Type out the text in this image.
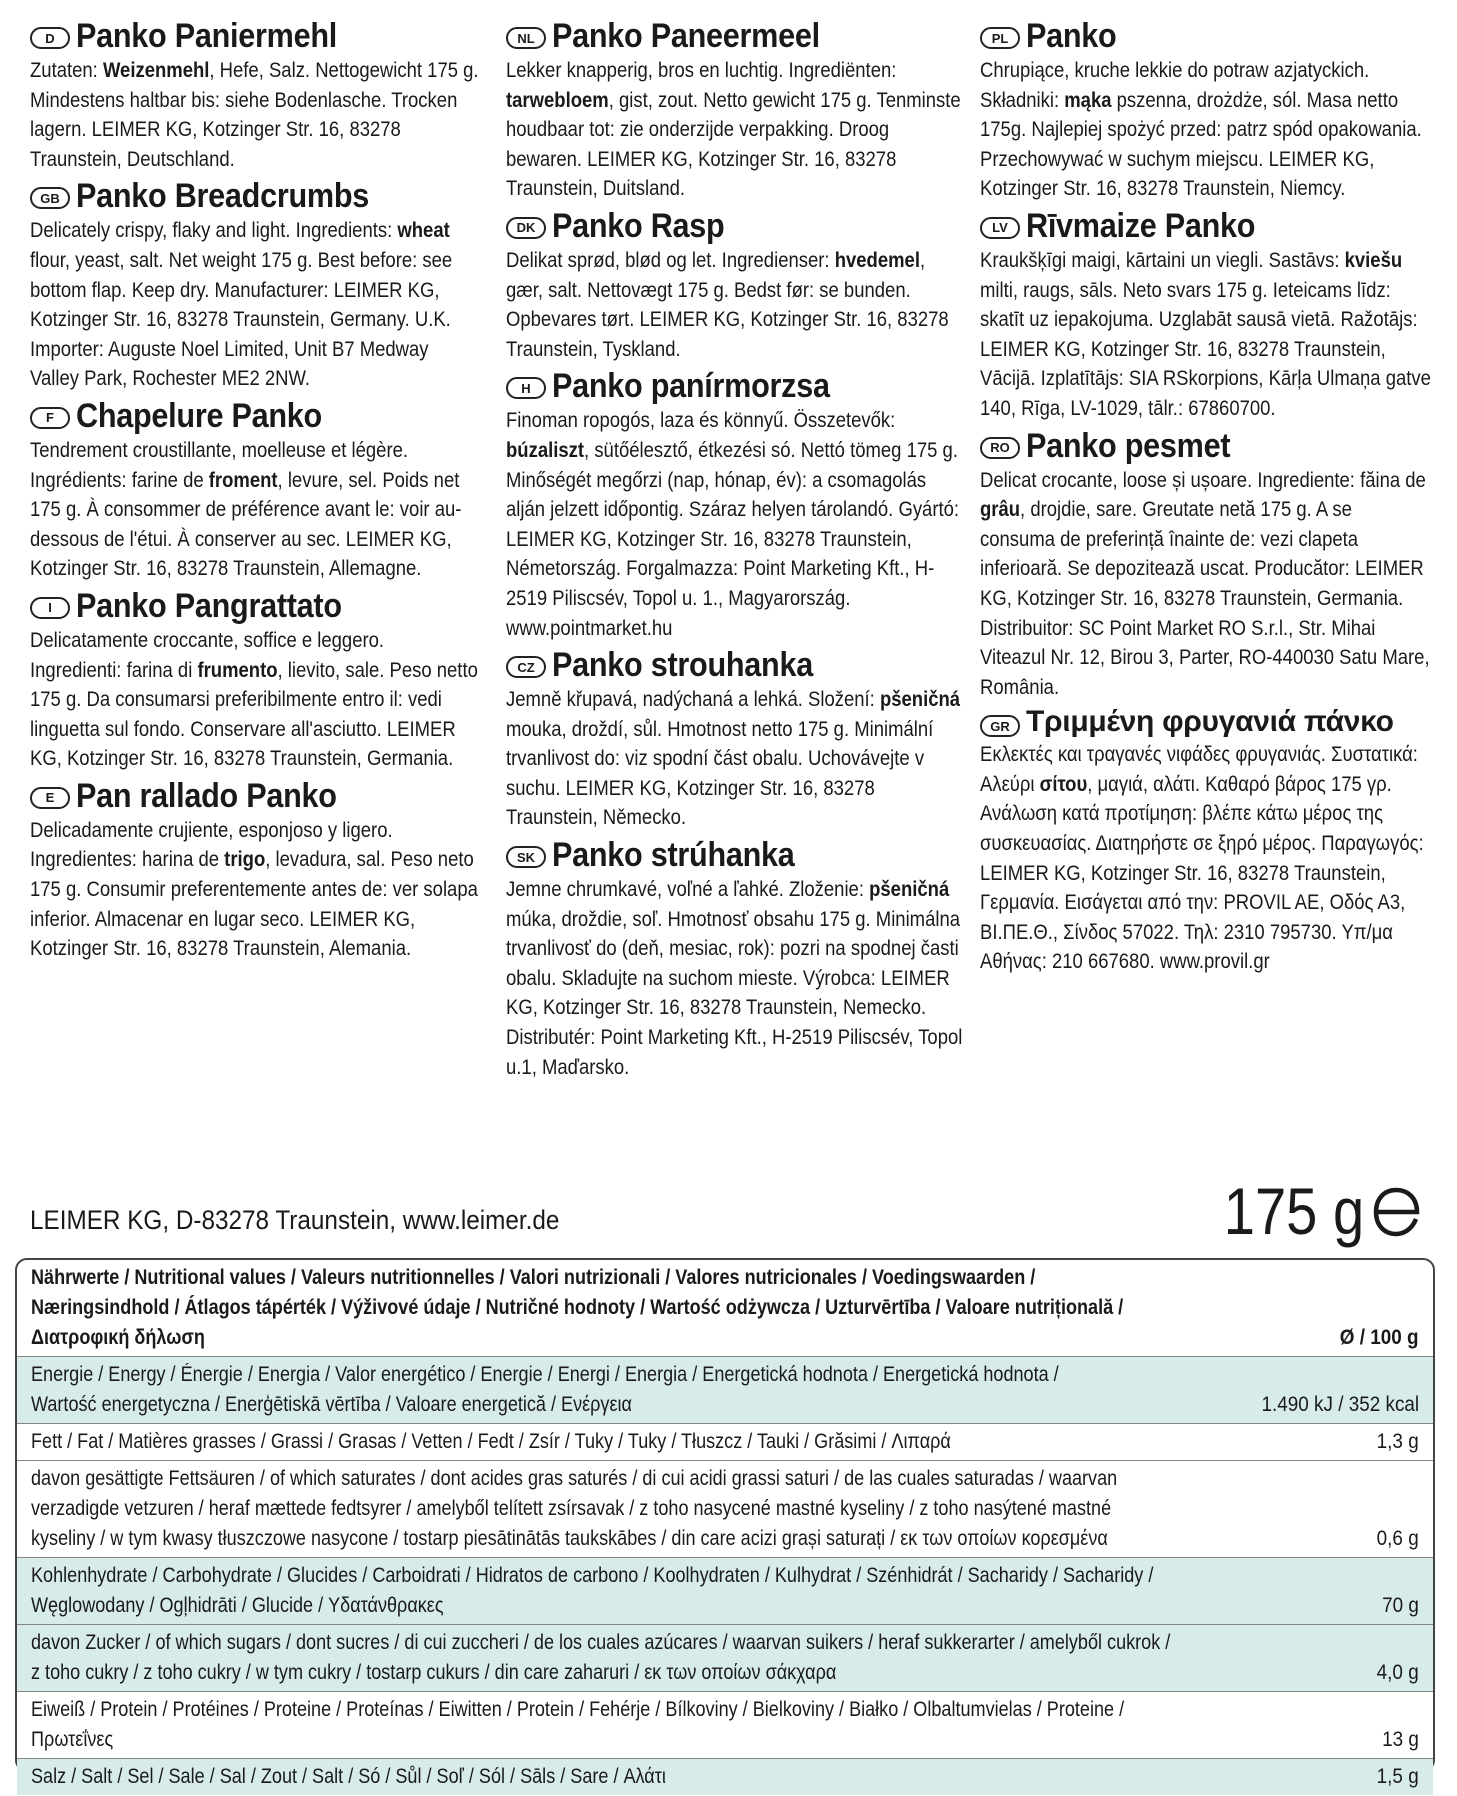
D Panko Paniermehl
Zutaten: Weizenmehl, Hefe, Salz. Nettogewicht 175 g. Mindestens haltbar bis: siehe Bodenlasche. Trocken lagern. LEIMER KG, Kotzinger Str. 16, 83278 Traunstein, Deutschland.
GB Panko Breadcrumbs
Delicately crispy, flaky and light. Ingredients: wheat flour, yeast, salt. Net weight 175 g. Best before: see bottom flap. Keep dry. Manufacturer: LEIMER KG, Kotzinger Str. 16, 83278 Traunstein, Germany. U.K. Importer: Auguste Noel Limited, Unit B7 Medway Valley Park, Rochester ME2 2NW.
F Chapelure Panko
Tendrement croustillante, moelleuse et légère. Ingrédients: farine de froment, levure, sel. Poids net 175 g. À consommer de préférence avant le: voir au-dessous de l'étui. À conserver au sec. LEIMER KG, Kotzinger Str. 16, 83278 Traunstein, Allemagne.
I Panko Pangrattato
Delicatamente croccante, soffice e leggero. Ingredienti: farina di frumento, lievito, sale. Peso netto 175 g. Da consumarsi preferibilmente entro il: vedi linguetta sul fondo. Conservare all'asciutto. LEIMER KG, Kotzinger Str. 16, 83278 Traunstein, Germania.
E Pan rallado Panko
Delicadamente crujiente, esponjoso y ligero. Ingredientes: harina de trigo, levadura, sal. Peso neto 175 g. Consumir preferentemente antes de: ver solapa inferior. Almacenar en lugar seco. LEIMER KG, Kotzinger Str. 16, 83278 Traunstein, Alemania.
NL Panko Paneermeel
Lekker knapperig, bros en luchtig. Ingrediënten: tarwebloem, gist, zout. Netto gewicht 175 g. Tenminste houdbaar tot: zie onderzijde verpakking. Droog bewaren. LEIMER KG, Kotzinger Str. 16, 83278 Traunstein, Duitsland.
DK Panko Rasp
Delikat sprød, blød og let. Ingredienser: hvedemel, gær, salt. Nettovægt 175 g. Bedst før: se bunden. Opbevares tørt. LEIMER KG, Kotzinger Str. 16, 83278 Traunstein, Tyskland.
H Panko panírmorzsa
Finoman ropogós, laza és könnyű. Összetevők: búzaliszt, sütőélesztő, étkezési só. Nettó tömeg 175 g. Minőségét megőrzi (nap, hónap, év): a csomagolás alján jelzett időpontig. Száraz helyen tárolandó. Gyártó: LEIMER KG, Kotzinger Str. 16, 83278 Traunstein, Németország. Forgalmazza: Point Marketing Kft., H-2519 Piliscsév, Topol u. 1., Magyarország. www.pointmarket.hu
CZ Panko strouhanka
Jemně křupavá, nadýchaná a lehká. Složení: pšeničná mouka, droždí, sůl. Hmotnost netto 175 g. Minimální trvanlivost do: viz spodní část obalu. Uchovávejte v suchu. LEIMER KG, Kotzinger Str. 16, 83278 Traunstein, Německo.
SK Panko strúhanka
Jemne chrumkavé, voľné a ľahké. Zloženie: pšeničná múka, droždie, soľ. Hmotnosť obsahu 175 g. Minimálna trvanlivosť do (deň, mesiac, rok): pozri na spodnej časti obalu. Skladujte na suchom mieste. Výrobca: LEIMER KG, Kotzinger Str. 16, 83278 Traunstein, Nemecko. Distributér: Point Marketing Kft., H-2519 Piliscsév, Topol u.1, Maďarsko.
PL Panko
Chrupiące, kruche lekkie do potraw azjatyckich. Składniki: mąka pszenna, drożdże, sól. Masa netto 175g. Najlepiej spożyć przed: patrz spód opakowania. Przechowywać w suchym miejscu. LEIMER KG, Kotzinger Str. 16, 83278 Traunstein, Niemcy.
LV Rīvmaize Panko
Kraukšķīgi maigi, kārtaini un viegli. Sastāvs: kviešu milti, raugs, sāls. Neto svars 175 g. Ieteicams līdz: skatīt uz iepakojuma. Uzglabāt sausā vietā. Ražotājs: LEIMER KG, Kotzinger Str. 16, 83278 Traunstein, Vācijā. Izplatītājs: SIA RSkorpions, Kārļa Ulmaņa gatve 140, Rīga, LV-1029, tālr.: 67860700.
RO Panko pesmet
Delicat crocante, loose și ușoare. Ingrediente: făina de grâu, drojdie, sare. Greutate netă 175 g. A se consuma de preferință înainte de: vezi clapeta inferioară. Se depozitează uscat. Producător: LEIMER KG, Kotzinger Str. 16, 83278 Traunstein, Germania. Distribuitor: SC Point Market RO S.r.l., Str. Mihai Viteazul Nr. 12, Birou 3, Parter, RO-440030 Satu Mare, România.
GR Τριμμένη φρυγανιά πάνκο
Εκλεκτές και τραγανές νιφάδες φρυγανιάς. Συστατικά: Αλεύρι σίτου, μαγιά, αλάτι. Καθαρό βάρος 175 γρ. Ανάλωση κατά προτίμηση: βλέπε κάτω μέρος της συσκευασίας. Διατηρήστε σε ξηρό μέρος. Παραγωγός: LEIMER KG, Kotzinger Str. 16, 83278 Traunstein, Γερμανία. Εισάγεται από την: PROVIL AE, Οδός Α3, ΒΙ.ΠΕ.Θ., Σίνδος 57022. Τηλ: 2310 795730. Υπ/μα Αθήνας: 210 667680. www.provil.gr
LEIMER KG, D-83278 Traunstein, www.leimer.de	175 g
Nährwerte / Nutritional values / Valeurs nutritionnelles / Valori nutrizionali / Valores nutricionales / Voedingswaarden / Næringsindhold / Átlagos tápérték / Výživové údaje / Nutričné hodnoty / Wartość odżywcza / Uzturvērtība / Valoare nutrițională / Διατροφική δήλωση	Ø / 100 g
Energie / Energy / Énergie / Energia / Valor energético / Energie / Energi / Energia / Energetická hodnota / Energetická hodnota / Wartość energetyczna / Enerģētiskā vērtība / Valoare energetică / Ενέργεια	1.490 kJ / 352 kcal
Fett / Fat / Matières grasses / Grassi / Grasas / Vetten / Fedt / Zsír / Tuky / Tuky / Tłuszcz / Tauki / Grăsimi / Λιπαρά	1,3 g
davon gesättigte Fettsäuren / of which saturates / dont acides gras saturés / di cui acidi grassi saturi / de las cuales saturadas / waarvan verzadigde vetzuren / heraf mættede fedtsyrer / amelyből telített zsírsavak / z toho nasycené mastné kyseliny / z toho nasýtené mastné kyseliny / w tym kwasy tłuszczowe nasycone / tostarp piesātinātās taukskābes / din care acizi grași saturați / εκ των οποίων κορεσμένα	0,6 g
Kohlenhydrate / Carbohydrate / Glucides / Carboidrati / Hidratos de carbono / Koolhydraten / Kulhydrat / Szénhidrát / Sacharidy / Sacharidy / Węglowodany / Ogļhidrāti / Glucide / Υδατάνθρακες	70 g
davon Zucker / of which sugars / dont sucres / di cui zuccheri / de los cuales azúcares / waarvan suikers / heraf sukkerarter / amelyből cukrok / z toho cukry / z toho cukry / w tym cukry / tostarp cukurs / din care zaharuri / εκ των οποίων σάκχαρα	4,0 g
Eiweiß / Protein / Protéines / Proteine / Proteínas / Eiwitten / Protein / Fehérje / Bílkoviny / Bielkoviny / Białko / Olbaltumvielas / Proteine / Πρωτεΐνες	13 g
Salz / Salt / Sel / Sale / Sal / Zout / Salt / Só / Sůl / Soľ / Sól / Sāls / Sare / Αλάτι	1,5 g
